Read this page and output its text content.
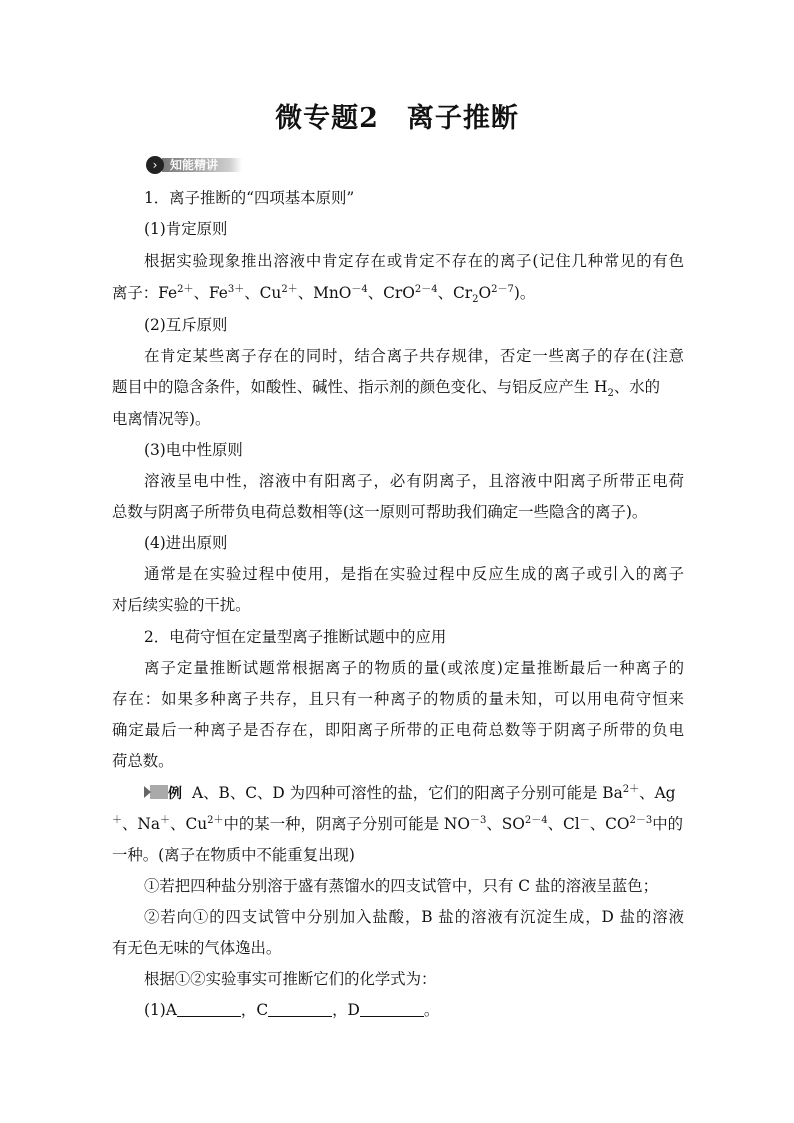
微专题2　离子推断
›	知能精讲
1．离子推断的“四项基本原则”
(1)肯定原则
根据实验现象推出溶液中肯定存在或肯定不存在的离子(记住几种常见的有色
离子：$Fe^{2+}$、$Fe^{3+}$、$Cu^{2+}$、MnO$^{-4}$、CrO$^{2-4}$、$Cr_2O^{2-7}$)。
(2)互斥原则
在肯定某些离子存在的同时，结合离子共存规律，否定一些离子的存在(注意
题目中的隐含条件，如酸性、碱性、指示剂的颜色变化、与铝反应产生 $H_2$、水的
电离情况等)。
(3)电中性原则
溶液呈电中性，溶液中有阳离子，必有阴离子，且溶液中阳离子所带正电荷
总数与阴离子所带负电荷总数相等(这一原则可帮助我们确定一些隐含的离子)。
(4)进出原则
通常是在实验过程中使用，是指在实验过程中反应生成的离子或引入的离子
对后续实验的干扰。
2．电荷守恒在定量型离子推断试题中的应用
离子定量推断试题常根据离子的物质的量(或浓度)定量推断最后一种离子的
存在：如果多种离子共存，且只有一种离子的物质的量未知，可以用电荷守恒来
确定最后一种离子是否存在，即阳离子所带的正电荷总数等于阴离子所带的负电
荷总数。
例 A、B、C、D 为四种可溶性的盐，它们的阳离子分别可能是 $Ba^{2+}$、Ag
＋、Na＋、$Cu^{2+}$中的某一种，阴离子分别可能是 $NO^{-3}$、$SO^{2-4}$、Cl－、$CO^{2-3}$中的
一种。(离子在物质中不能重复出现)
①若把四种盐分别溶于盛有蒸馏水的四支试管中，只有 C 盐的溶液呈蓝色；
②若向①的四支试管中分别加入盐酸，B 盐的溶液有沉淀生成，D 盐的溶液
有无色无味的气体逸出。
根据①②实验事实可推断它们的化学式为：
(1)A	，C	，D	。
